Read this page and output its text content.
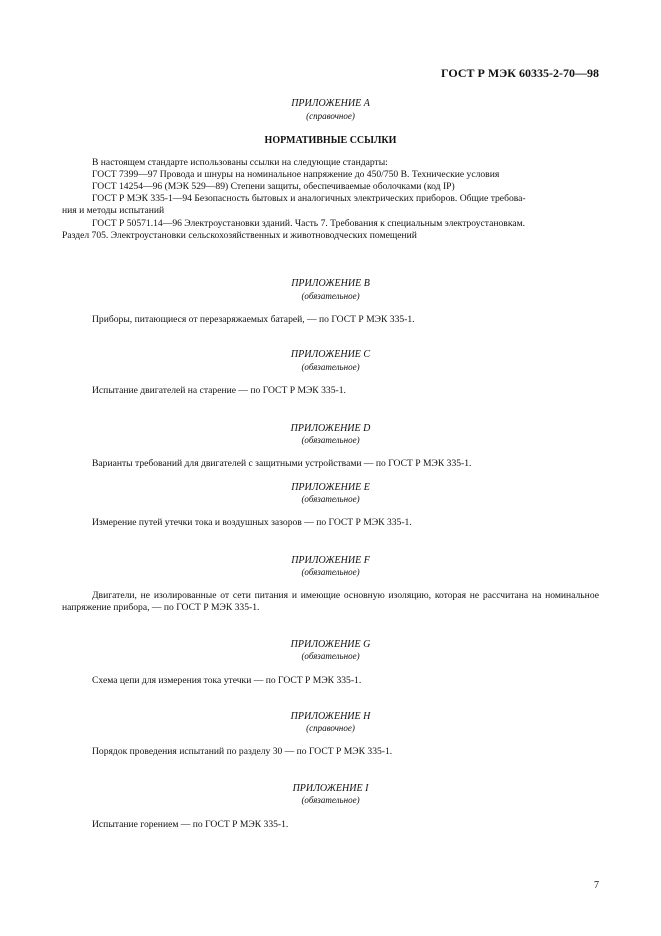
ГОСТ Р МЭК 60335-2-70—98
ПРИЛОЖЕНИЕ A
(справочное)
НОРМАТИВНЫЕ ССЫЛКИ
В настоящем стандарте использованы ссылки на следующие стандарты:
ГОСТ 7399—97 Провода и шнуры на номинальное напряжение до 450/750 В. Технические условия
ГОСТ 14254—96 (МЭК 529—89) Степени защиты, обеспечиваемые оболочками (код IP)
ГОСТ Р МЭК 335-1—94 Безопасность бытовых и аналогичных электрических приборов. Общие требова-
ния и методы испытаний
ГОСТ Р 50571.14—96 Электроустановки зданий. Часть 7. Требования к специальным электроустановкам.
Раздел 705. Электроустановки сельскохозяйственных и животноводческих помещений
ПРИЛОЖЕНИЕ B
(обязательное)
Приборы, питающиеся от перезаряжаемых батарей, — по ГОСТ Р МЭК 335-1.
ПРИЛОЖЕНИЕ C
(обязательное)
Испытание двигателей на старение — по ГОСТ Р МЭК 335-1.
ПРИЛОЖЕНИЕ D
(обязательное)
Варианты требований для двигателей с защитными устройствами — по ГОСТ Р МЭК 335-1.
ПРИЛОЖЕНИЕ E
(обязательное)
Измерение путей утечки тока и воздушных зазоров — по ГОСТ Р МЭК 335-1.
ПРИЛОЖЕНИЕ F
(обязательное)
Двигатели, не изолированные от сети питания и имеющие основную изоляцию, которая не рассчитана на номинальное напряжение прибора, — по ГОСТ Р МЭК 335-1.
ПРИЛОЖЕНИЕ G
(обязательное)
Схема цепи для измерения тока утечки — по ГОСТ Р МЭК 335-1.
ПРИЛОЖЕНИЕ H
(справочное)
Порядок проведения испытаний по разделу 30 — по ГОСТ Р МЭК 335-1.
ПРИЛОЖЕНИЕ I
(обязательное)
Испытание горением — по ГОСТ Р МЭК 335-1.
7
